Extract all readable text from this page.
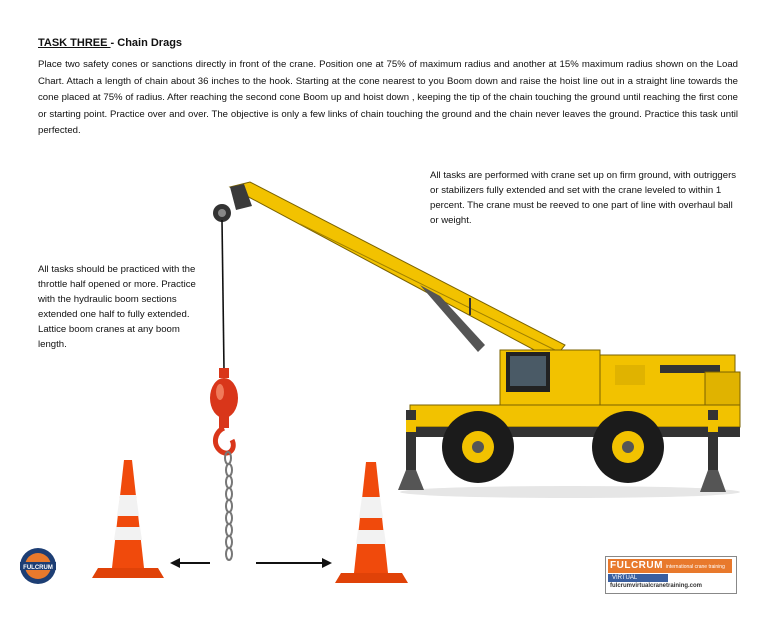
TASK THREE - Chain Drags
Place two safety cones or sanctions directly in front of the crane. Position one at 75% of maximum radius and another at 15% maximum radius shown on the Load Chart. Attach a length of chain about 36 inches to the hook. Starting at the cone nearest to you Boom down and raise the hoist line out in a straight line towards the cone placed at 75% of radius. After reaching the second cone Boom up and hoist down , keeping the tip of the chain touching the ground until reaching the first cone or starting point. Practice over and over. The objective is only a few links of chain touching the ground and the chain never leaves the ground. Practice this task until perfected.
All tasks are performed with crane set up on firm ground, with outriggers or stabilizers fully extended and set with the crane leveled to within 1 percent. The crane must be reeved to one part of line with overhaul ball or weight.
All tasks should be practiced with the throttle half opened or more. Practice with the hydraulic boom sections extended one half to fully extended. Lattice boom cranes at any boom length.
FULCRUM	FULCRUM international crane training
VIRTUAL
fulcrumvirtualcranetraining.com
